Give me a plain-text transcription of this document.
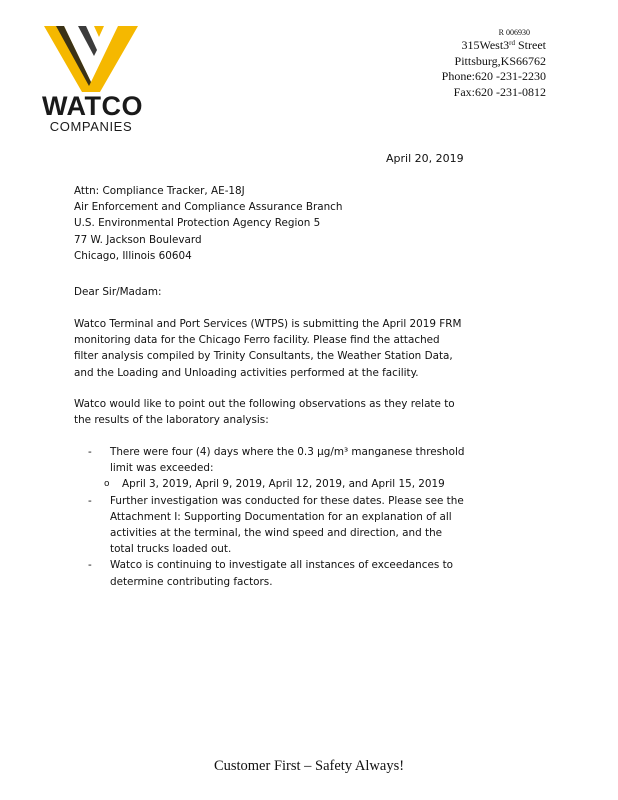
WATCO
COMPANIES
R 006930
315West3rd Street
Pittsburg,KS66762
Phone:620 -231-2230
Fax:620 -231-0812
April 20, 2019
Attn: Compliance Tracker, AE-18J
Air Enforcement and Compliance Assurance Branch
U.S. Environmental Protection Agency Region 5
77 W. Jackson Boulevard
Chicago, Illinois 60604
Dear Sir/Madam:

Watco Terminal and Port Services (WTPS) is submitting the April 2019 FRM monitoring data for the Chicago Ferro facility. Please find the attached filter analysis compiled by Trinity Consultants, the Weather Station Data, and the Loading and Unloading activities performed at the facility.

Watco would like to point out the following observations as they relate to the results of the laboratory analysis:

- There were four (4) days where the 0.3 µg/m³ manganese threshold limit was exceeded:
o April 3, 2019, April 9, 2019, April 12, 2019, and April 15, 2019
- Further investigation was conducted for these dates. Please see the Attachment I: Supporting Documentation for an explanation of all activities at the terminal, the wind speed and direction, and the total trucks loaded out.
- Watco is continuing to investigate all instances of exceedances to determine contributing factors.
Customer First – Safety Always!
